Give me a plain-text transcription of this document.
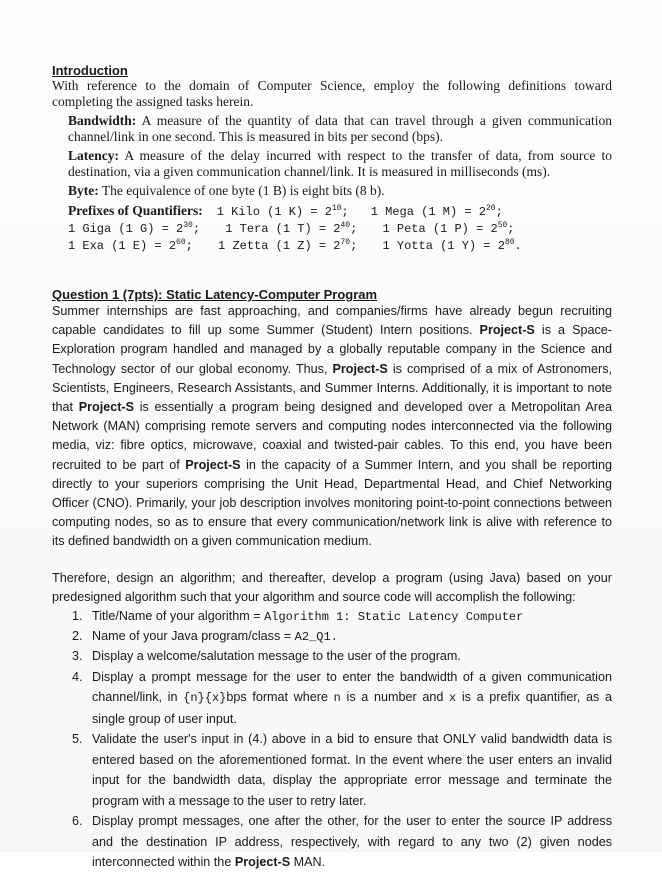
Introduction
With reference to the domain of Computer Science, employ the following definitions toward completing the assigned tasks herein.
Bandwidth: A measure of the quantity of data that can travel through a given communication channel/link in one second. This is measured in bits per second (bps).
Latency: A measure of the delay incurred with respect to the transfer of data, from source to destination, via a given communication channel/link. It is measured in milliseconds (ms).
Byte: The equivalence of one byte (1 B) is eight bits (8 b).
Prefixes of Quantifiers: 1 Kilo (1 $K) = 2^{10}$; 1 Mega (1 $M) = 2^{20}$;
1 Giga (1 $G) = 2^{30}$; 1 Tera (1 $T) = 2^{40}$; 1 Peta (1 $P) = 2^{50}$;
1 Exa (1 $E) = 2^{60}$; 1 Zetta (1 $Z) = 2^{70}$; 1 Yotta (1 $Y) = 2^{80}$.
Question 1 (7pts): Static Latency-Computer Program
Summer internships are fast approaching, and companies/firms have already begun recruiting capable candidates to fill up some Summer (Student) Intern positions. Project-S is a Space-Exploration program handled and managed by a globally reputable company in the Science and Technology sector of our global economy. Thus, Project-S is comprised of a mix of Astronomers, Scientists, Engineers, Research Assistants, and Summer Interns. Additionally, it is important to note that Project-S is essentially a program being designed and developed over a Metropolitan Area Network (MAN) comprising remote servers and computing nodes interconnected via the following media, viz: fibre optics, microwave, coaxial and twisted-pair cables. To this end, you have been recruited to be part of Project-S in the capacity of a Summer Intern, and you shall be reporting directly to your superiors comprising the Unit Head, Departmental Head, and Chief Networking Officer (CNO). Primarily, your job description involves monitoring point-to-point connections between computing nodes, so as to ensure that every communication/network link is alive with reference to its defined bandwidth on a given communication medium.
Therefore, design an algorithm; and thereafter, develop a program (using Java) based on your predesigned algorithm such that your algorithm and source code will accomplish the following:
1. Title/Name of your algorithm = Algorithm 1: Static Latency Computer
2. Name of your Java program/class = A2_Q1.
3. Display a welcome/salutation message to the user of the program.
4. Display a prompt message for the user to enter the bandwidth of a given communication channel/link, in {n}{x}bps format where n is a number and x is a prefix quantifier, as a single group of user input.
5. Validate the user's input in (4.) above in a bid to ensure that ONLY valid bandwidth data is entered based on the aforementioned format. In the event where the user enters an invalid input for the bandwidth data, display the appropriate error message and terminate the program with a message to the user to retry later.
6. Display prompt messages, one after the other, for the user to enter the source IP address and the destination IP address, respectively, with regard to any two (2) given nodes interconnected within the Project-S MAN.
